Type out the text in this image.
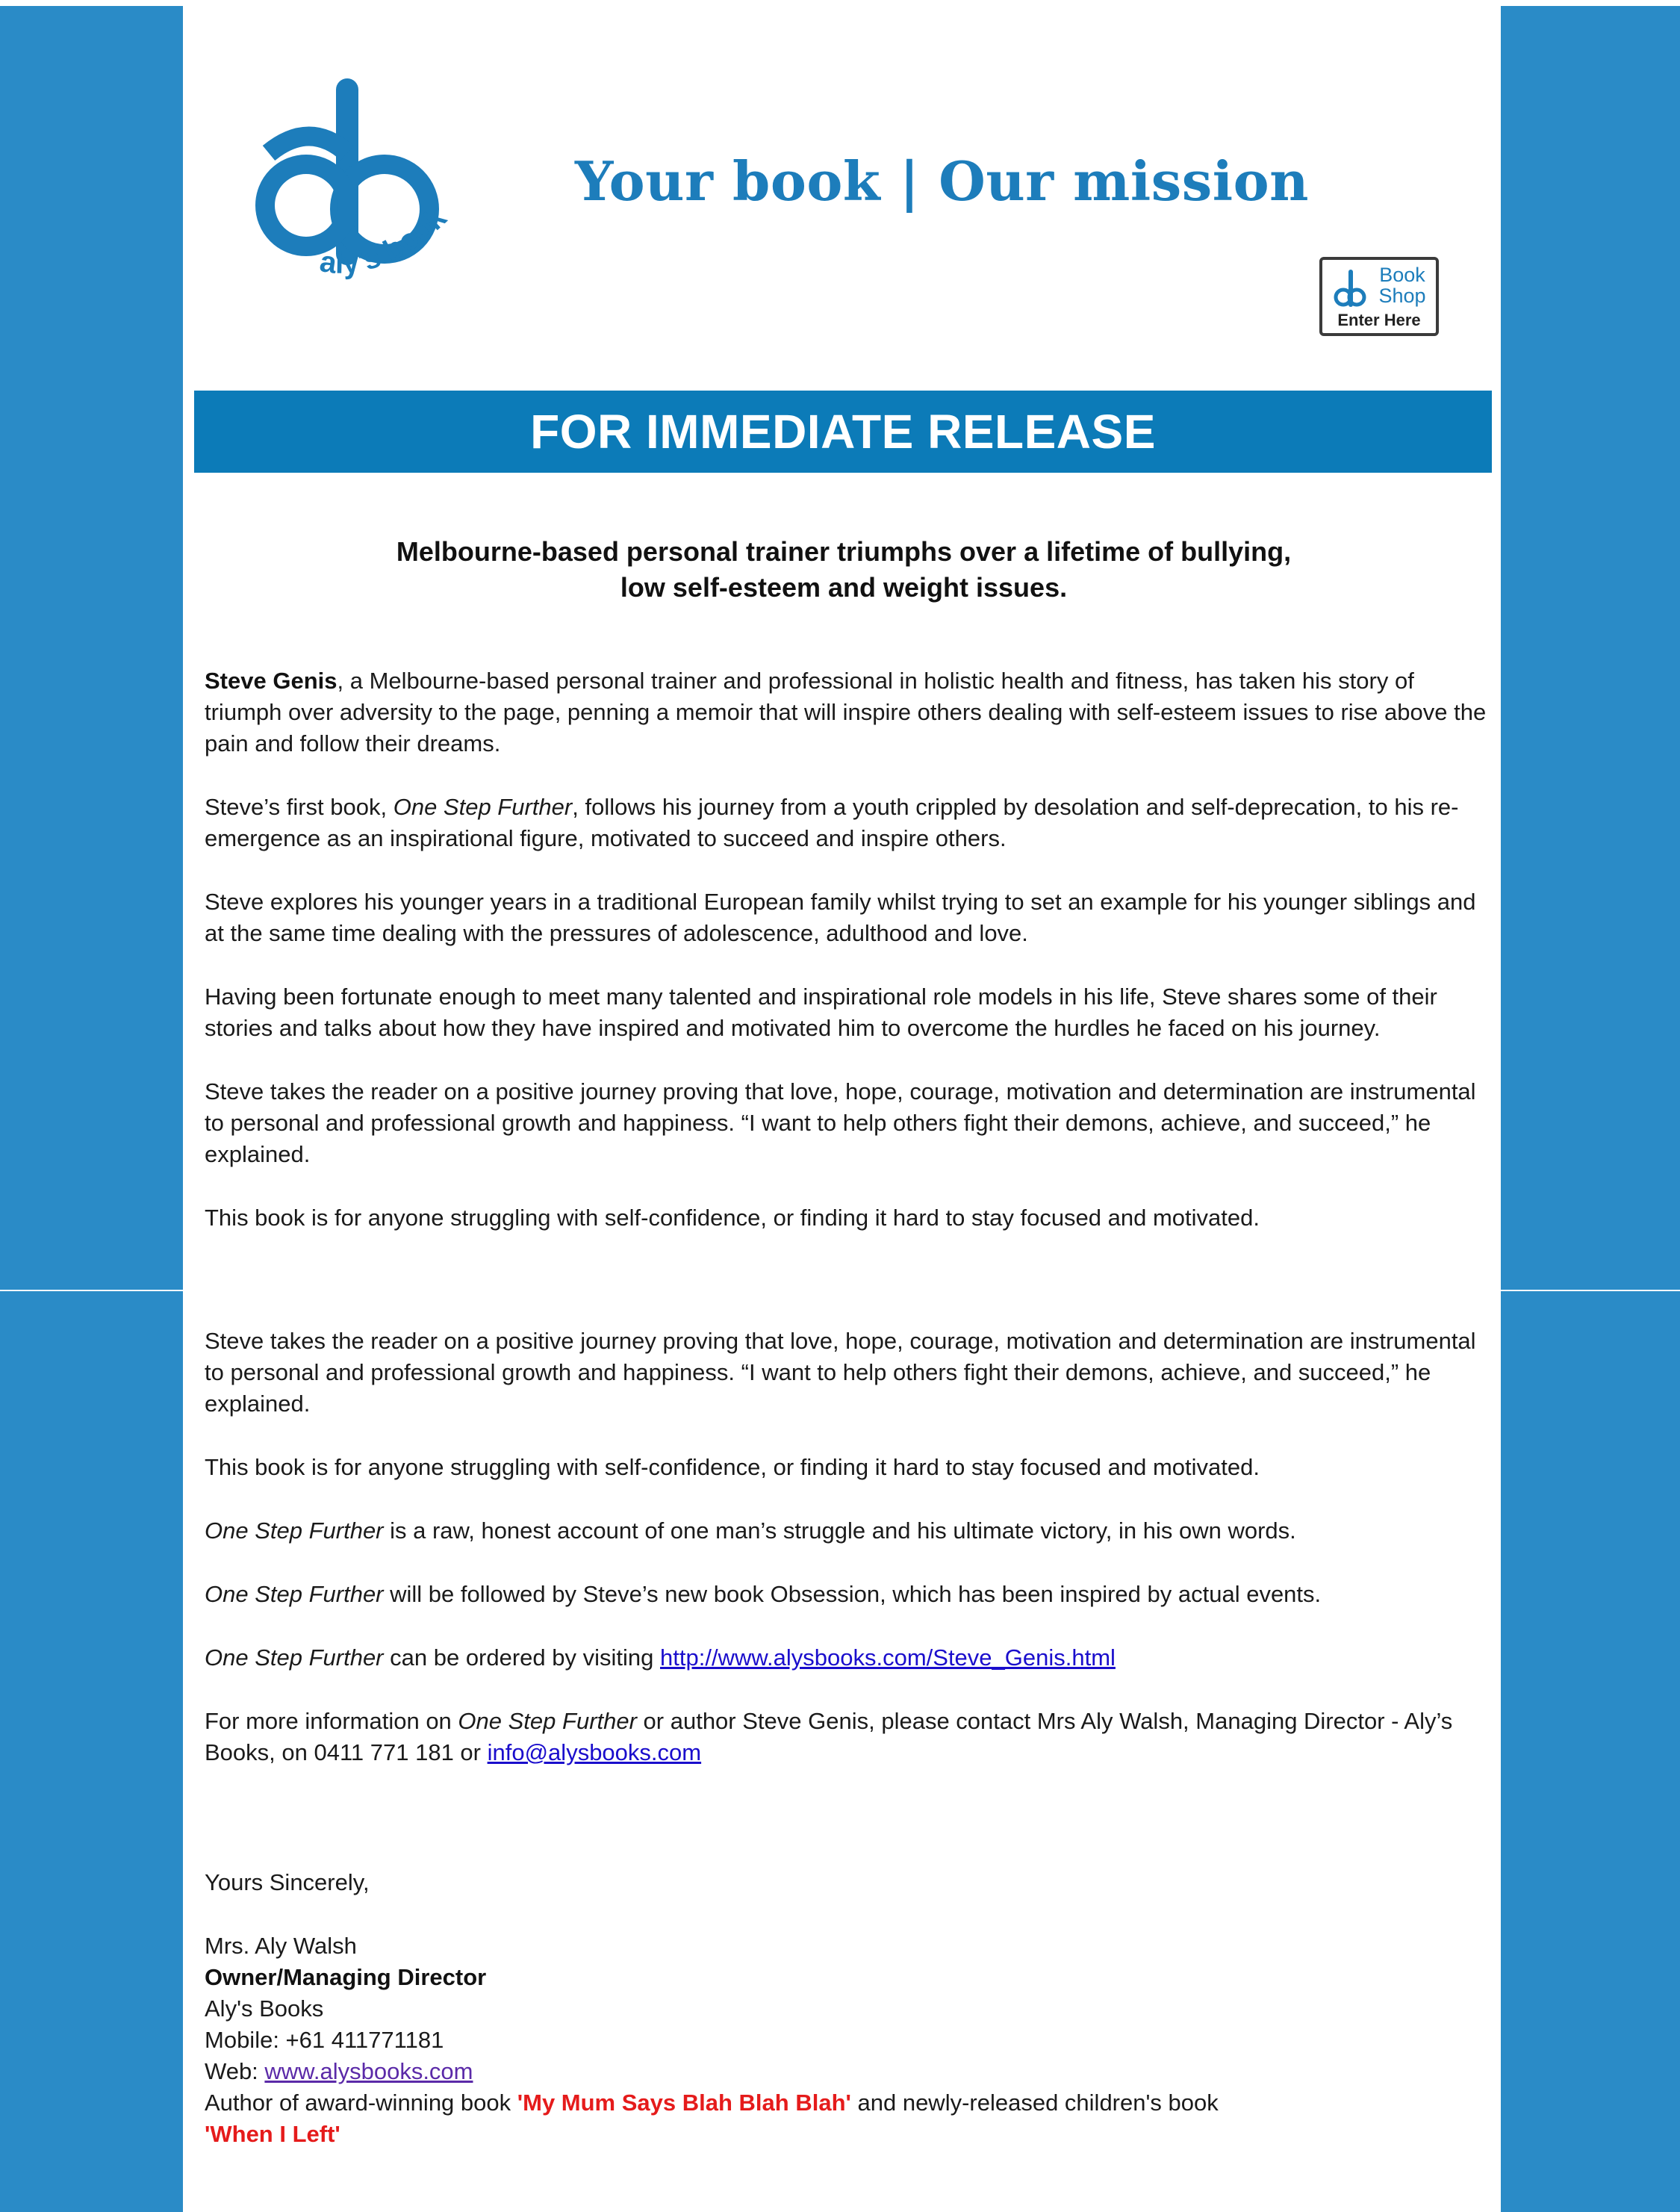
aly's book
Your book | Our mission
Book
Shop
Enter Here
FOR IMMEDIATE RELEASE
Melbourne-based personal trainer triumphs over a lifetime of bullying,
low self-esteem and weight issues.

Steve Genis, a Melbourne-based personal trainer and professional in holistic health and fitness, has taken his story of triumph over adversity to the page, penning a memoir that will inspire others dealing with self-esteem issues to rise above the pain and follow their dreams.

Steve’s first book, One Step Further, follows his journey from a youth crippled by desolation and self-deprecation, to his re-emergence as an inspirational figure, motivated to succeed and inspire others.

Steve explores his younger years in a traditional European family whilst trying to set an example for his younger siblings and at the same time dealing with the pressures of adolescence, adulthood and love.

Having been fortunate enough to meet many talented and inspirational role models in his life, Steve shares some of their stories and talks about how they have inspired and motivated him to overcome the hurdles he faced on his journey.

Steve takes the reader on a positive journey proving that love, hope, courage, motivation and determination are instrumental to personal and professional growth and happiness. “I want to help others fight their demons, achieve, and succeed,” he explained.

This book is for anyone struggling with self-confidence, or finding it hard to stay focused and motivated.

Steve takes the reader on a positive journey proving that love, hope, courage, motivation and determination are instrumental to personal and professional growth and happiness. “I want to help others fight their demons, achieve, and succeed,” he explained.

This book is for anyone struggling with self-confidence, or finding it hard to stay focused and motivated.

One Step Further is a raw, honest account of one man’s struggle and his ultimate victory, in his own words.

One Step Further will be followed by Steve’s new book Obsession, which has been inspired by actual events.

One Step Further can be ordered by visiting http://www.alysbooks.com/Steve_Genis.html

For more information on One Step Further or author Steve Genis, please contact Mrs Aly Walsh, Managing Director - Aly’s Books, on 0411 771 181 or info@alysbooks.com

Yours Sincerely,

Mrs. Aly Walsh

Owner/Managing Director

Aly's Books

Mobile: +61 411771181

Web: www.alysbooks.com

Author of award-winning book 'My Mum Says Blah Blah Blah' and newly-released children's book

'When I Left'
